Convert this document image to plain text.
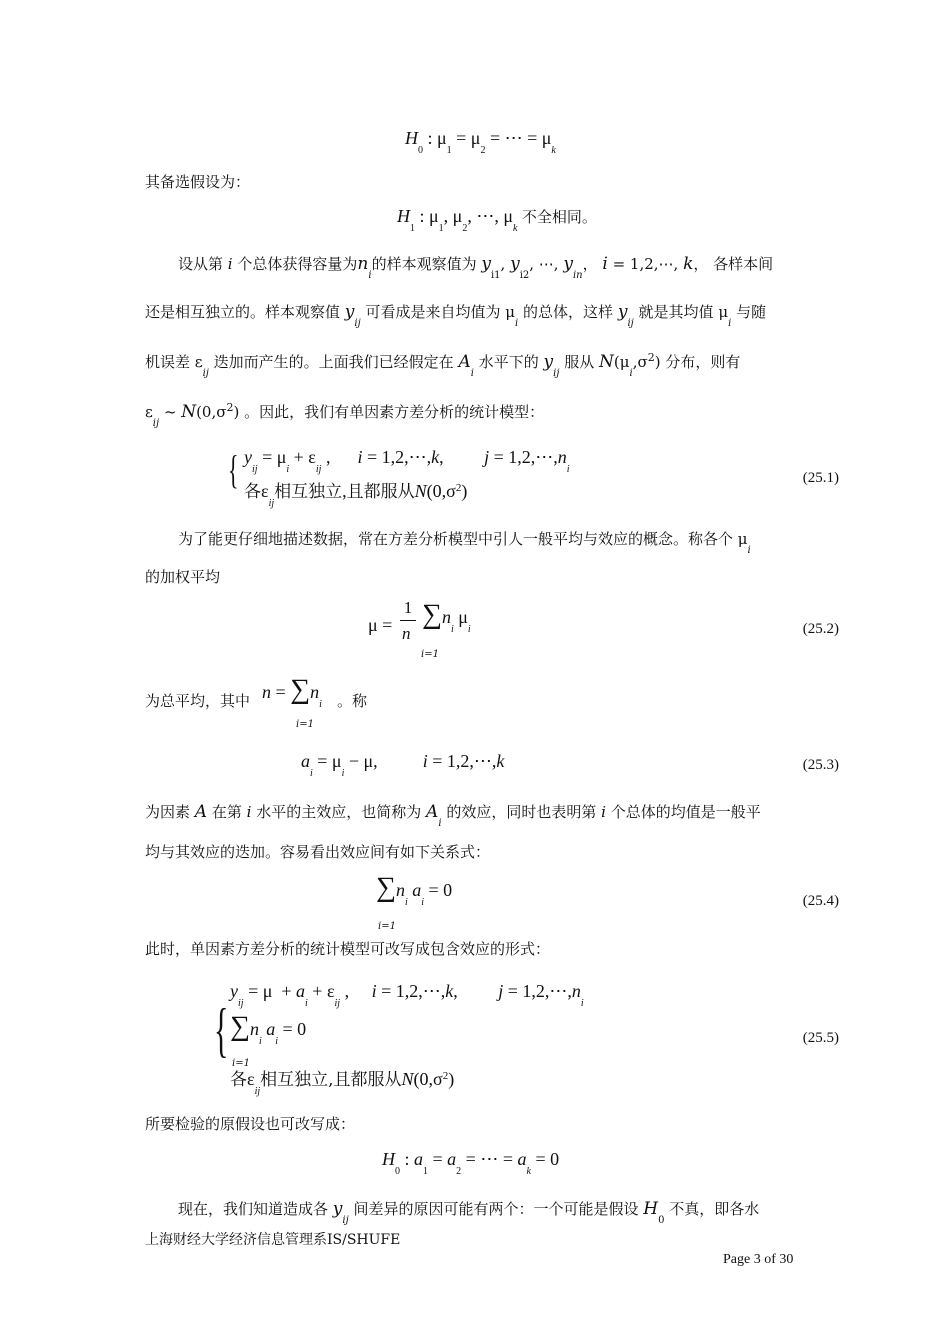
$H_0$ : $\mu_1 = \mu_2$ = ⋯ = $\mu_k$
其备选假设为：
$H_1$ : $\mu_1$, $\mu_2$, ⋯, $\mu_k$ 不全相同。
设从第 i 个总体获得容量为$n_i$的样本观察值为 $y_{i1}$, $y_{i2}$, ⋯, $y_{in}$， i = 1,2,⋯, k， 各样本间
还是相互独立的。样本观察值 $y_{ij}$ 可看成是来自均值为 $\mu_i$ 的总体，这样 $y_{ij}$ 就是其均值 $\mu_i$ 与随
机误差 $\varepsilon_{ij}$ 迭加而产生的。上面我们已经假定在 $A_i$ 水平下的 $y_{ij}$ 服从 $N(\mu_i,\sigma^2)$ 分布，则有
$\varepsilon_{ij}$ ~ $N(0,\sigma^2)$ 。因此，我们有单因素方差分析的统计模型：
{ $y_{ij} = \mu_i + \varepsilon_{ij}$ ,      i = 1,2,⋯,k,         $j = 1,2,\cdots,n_i$
各$\varepsilon_{ij}$相互独立,且都服从$N(0,\sigma^2)$
(25.1)
为了能更仔细地描述数据，常在方差分析模型中引人一般平均与效应的概念。称各个 $\mu_i$
的加权平均
μ =
1
n
$\sum n_i$ $\mu_i$
i=1
(25.2)
为总平均，其中 $n = \sum n_i$
i=1
。称
$a_i = \mu_i - \mu$,          i = 1,2,⋯,k	(25.3)
为因素 A 在第 i 水平的主效应，也简称为 $A_i$ 的效应，同时也表明第 i 个总体的均值是一般平
均与其效应的迭加。容易看出效应间有如下关系式：
$\sum n_i$ $a_i = 0$
i=1
(25.4)
此时，单因素方差分析的统计模型可改写成包含效应的形式：
{
$y_{ij} = \mu + a_i + \varepsilon_{ij}$ ,     i = 1,2,⋯,k,         $j = 1,2,\cdots,n_i$
$\sum n_i$ $a_i = 0$
i=1
各$\varepsilon_{ij}$相互独立,且都服从$N(0,\sigma^2)$
(25.5)
所要检验的原假设也可改写成：
$H_0$ : $a_1 = a_2$ = ⋯ = $a_k = 0$
现在，我们知道造成各 $y_{ij}$ 间差异的原因可能有两个：一个可能是假设 $H_0$ 不真，即各水
上海财经大学经济信息管理系IS/SHUFE
Page 3 of 30
